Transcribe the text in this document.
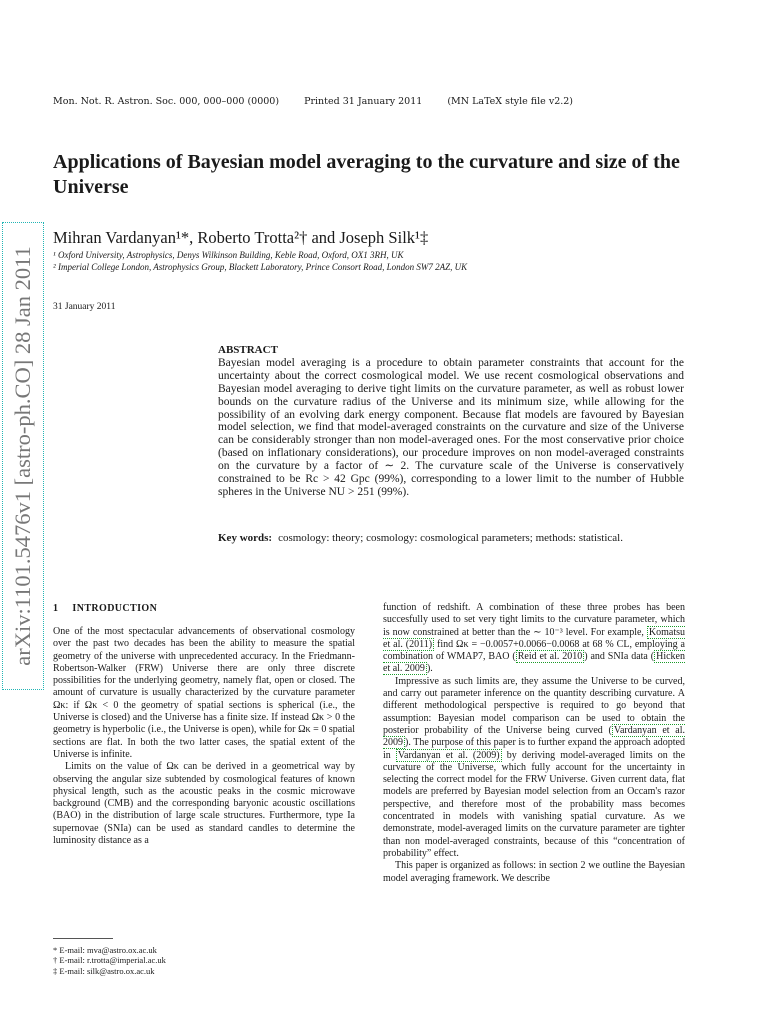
Mon. Not. R. Astron. Soc. 000, 000–000 (0000)	Printed 31 January 2011	(MN LaTeX style file v2.2)
Applications of Bayesian model averaging to the curvature and size of the Universe
Mihran Vardanyan¹*, Roberto Trotta²† and Joseph Silk¹‡
¹ Oxford University, Astrophysics, Denys Wilkinson Building, Keble Road, Oxford, OX1 3RH, UK
² Imperial College London, Astrophysics Group, Blackett Laboratory, Prince Consort Road, London SW7 2AZ, UK
31 January 2011
arXiv:1101.5476v1 [astro-ph.CO] 28 Jan 2011	ABSTRACT
Bayesian model averaging is a procedure to obtain parameter constraints that account for the uncertainty about the correct cosmological model. We use recent cosmological observations and Bayesian model averaging to derive tight limits on the curvature parameter, as well as robust lower bounds on the curvature radius of the Universe and its minimum size, while allowing for the possibility of an evolving dark energy component. Because flat models are favoured by Bayesian model selection, we find that model-averaged constraints on the curvature and size of the Universe can be considerably stronger than non model-averaged ones. For the most conservative prior choice (based on inflationary considerations), our procedure improves on non model-averaged constraints on the curvature by a factor of ∼ 2. The curvature scale of the Universe is conservatively constrained to be Rc > 42 Gpc (99%), corresponding to a lower limit to the number of Hubble spheres in the Universe NU > 251 (99%).
Key words: cosmology: theory; cosmology: cosmological parameters; methods: statistical.
1 INTRODUCTION

One of the most spectacular advancements of observational cosmology over the past two decades has been the ability to measure the spatial geometry of the universe with unprecedented accuracy. In the Friedmann-Robertson-Walker (FRW) Universe there are only three discrete possibilities for the underlying geometry, namely flat, open or closed. The amount of curvature is usually characterized by the curvature parameter Ωκ: if Ωκ < 0 the geometry of spatial sections is spherical (i.e., the Universe is closed) and the Universe has a finite size. If instead Ωκ > 0 the geometry is hyperbolic (i.e., the Universe is open), while for Ωκ = 0 spatial sections are flat. In both the two latter cases, the spatial extent of the Universe is infinite.

Limits on the value of Ωκ can be derived in a geometrical way by observing the angular size subtended by cosmological features of known physical length, such as the acoustic peaks in the cosmic microwave background (CMB) and the corresponding baryonic acoustic oscillations (BAO) in the distribution of large scale structures. Furthermore, type Ia supernovae (SNIa) can be used as standard candles to determine the luminosity distance as a

function of redshift. A combination of these three probes has been succesfully used to set very tight limits to the curvature parameter, which is now constrained at better than the ∼ 10⁻³ level. For example, Komatsu et al. (2011) find Ωκ = −0.0057+0.0066−0.0068 at 68 % CL, employing a combination of WMAP7, BAO ( Reid et al. 2010 ) and SNIa data ( Hicken et al. 2009 ).

Impressive as such limits are, they assume the Universe to be curved, and carry out parameter inference on the quantity describing curvature. A different methodological perspective is required to go beyond that assumption: Bayesian model comparison can be used to obtain the posterior probability of the Universe being curved ( Vardanyan et al. 2009 ). The purpose of this paper is to further expand the approach adopted in Vardanyan et al. (2009) by deriving model-averaged limits on the curvature of the Universe, which fully account for the uncertainty in selecting the correct model for the FRW Universe. Given current data, flat models are preferred by Bayesian model selection from an Occam's razor perspective, and therefore most of the probability mass becomes concentrated in models with vanishing spatial curvature. As we demonstrate, model-averaged limits on the curvature parameter are tighter than non model-averaged constraints, because of this “concentration of probability” effect.

This paper is organized as follows: in section 2 we outline the Bayesian model averaging framework. We describe

* E-mail: mva@astro.ox.ac.uk
† E-mail: r.trotta@imperial.ac.uk
‡ E-mail: silk@astro.ox.ac.uk
